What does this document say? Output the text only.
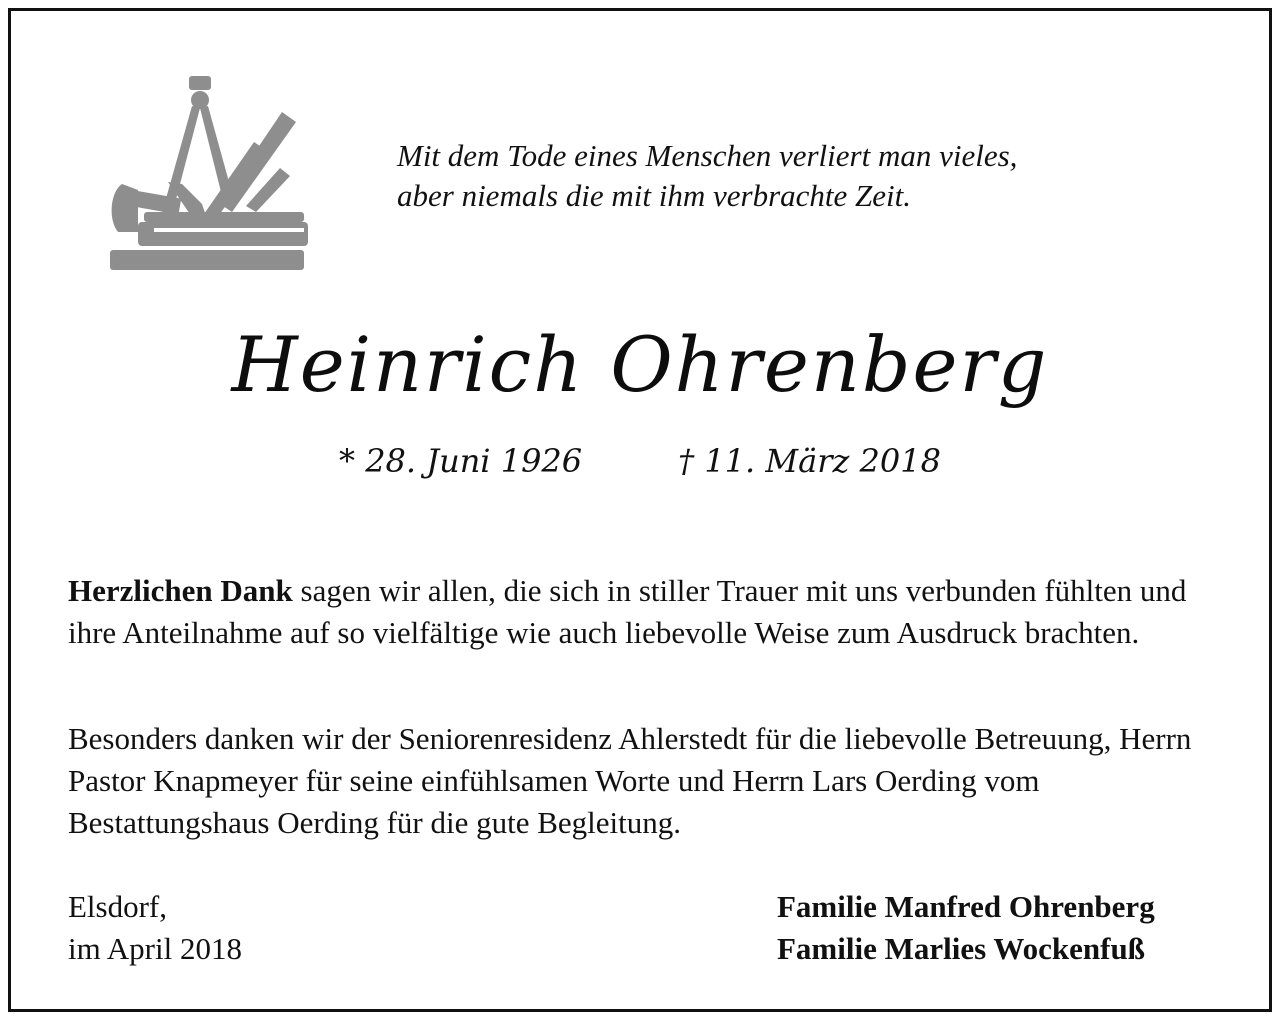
Mit dem Tode eines Menschen verliert man vieles,
aber niemals die mit ihm verbrachte Zeit.
Heinrich Ohrenberg
* 28. Juni 1926	† 11. März 2018
Herzlichen Dank sagen wir allen, die sich in stiller Trauer mit uns verbunden fühlten und ihre Anteilnahme auf so vielfältige wie auch liebevolle Weise zum Ausdruck brachten.
Besonders danken wir der Seniorenresidenz Ahlerstedt für die liebevolle Betreuung, Herrn Pastor Knapmeyer für seine einfühlsamen Worte und Herrn Lars Oerding vom Bestattungshaus Oerding für die gute Begleitung.
Elsdorf,
im April 2018
Familie Manfred Ohrenberg
Familie Marlies Wockenfuß
